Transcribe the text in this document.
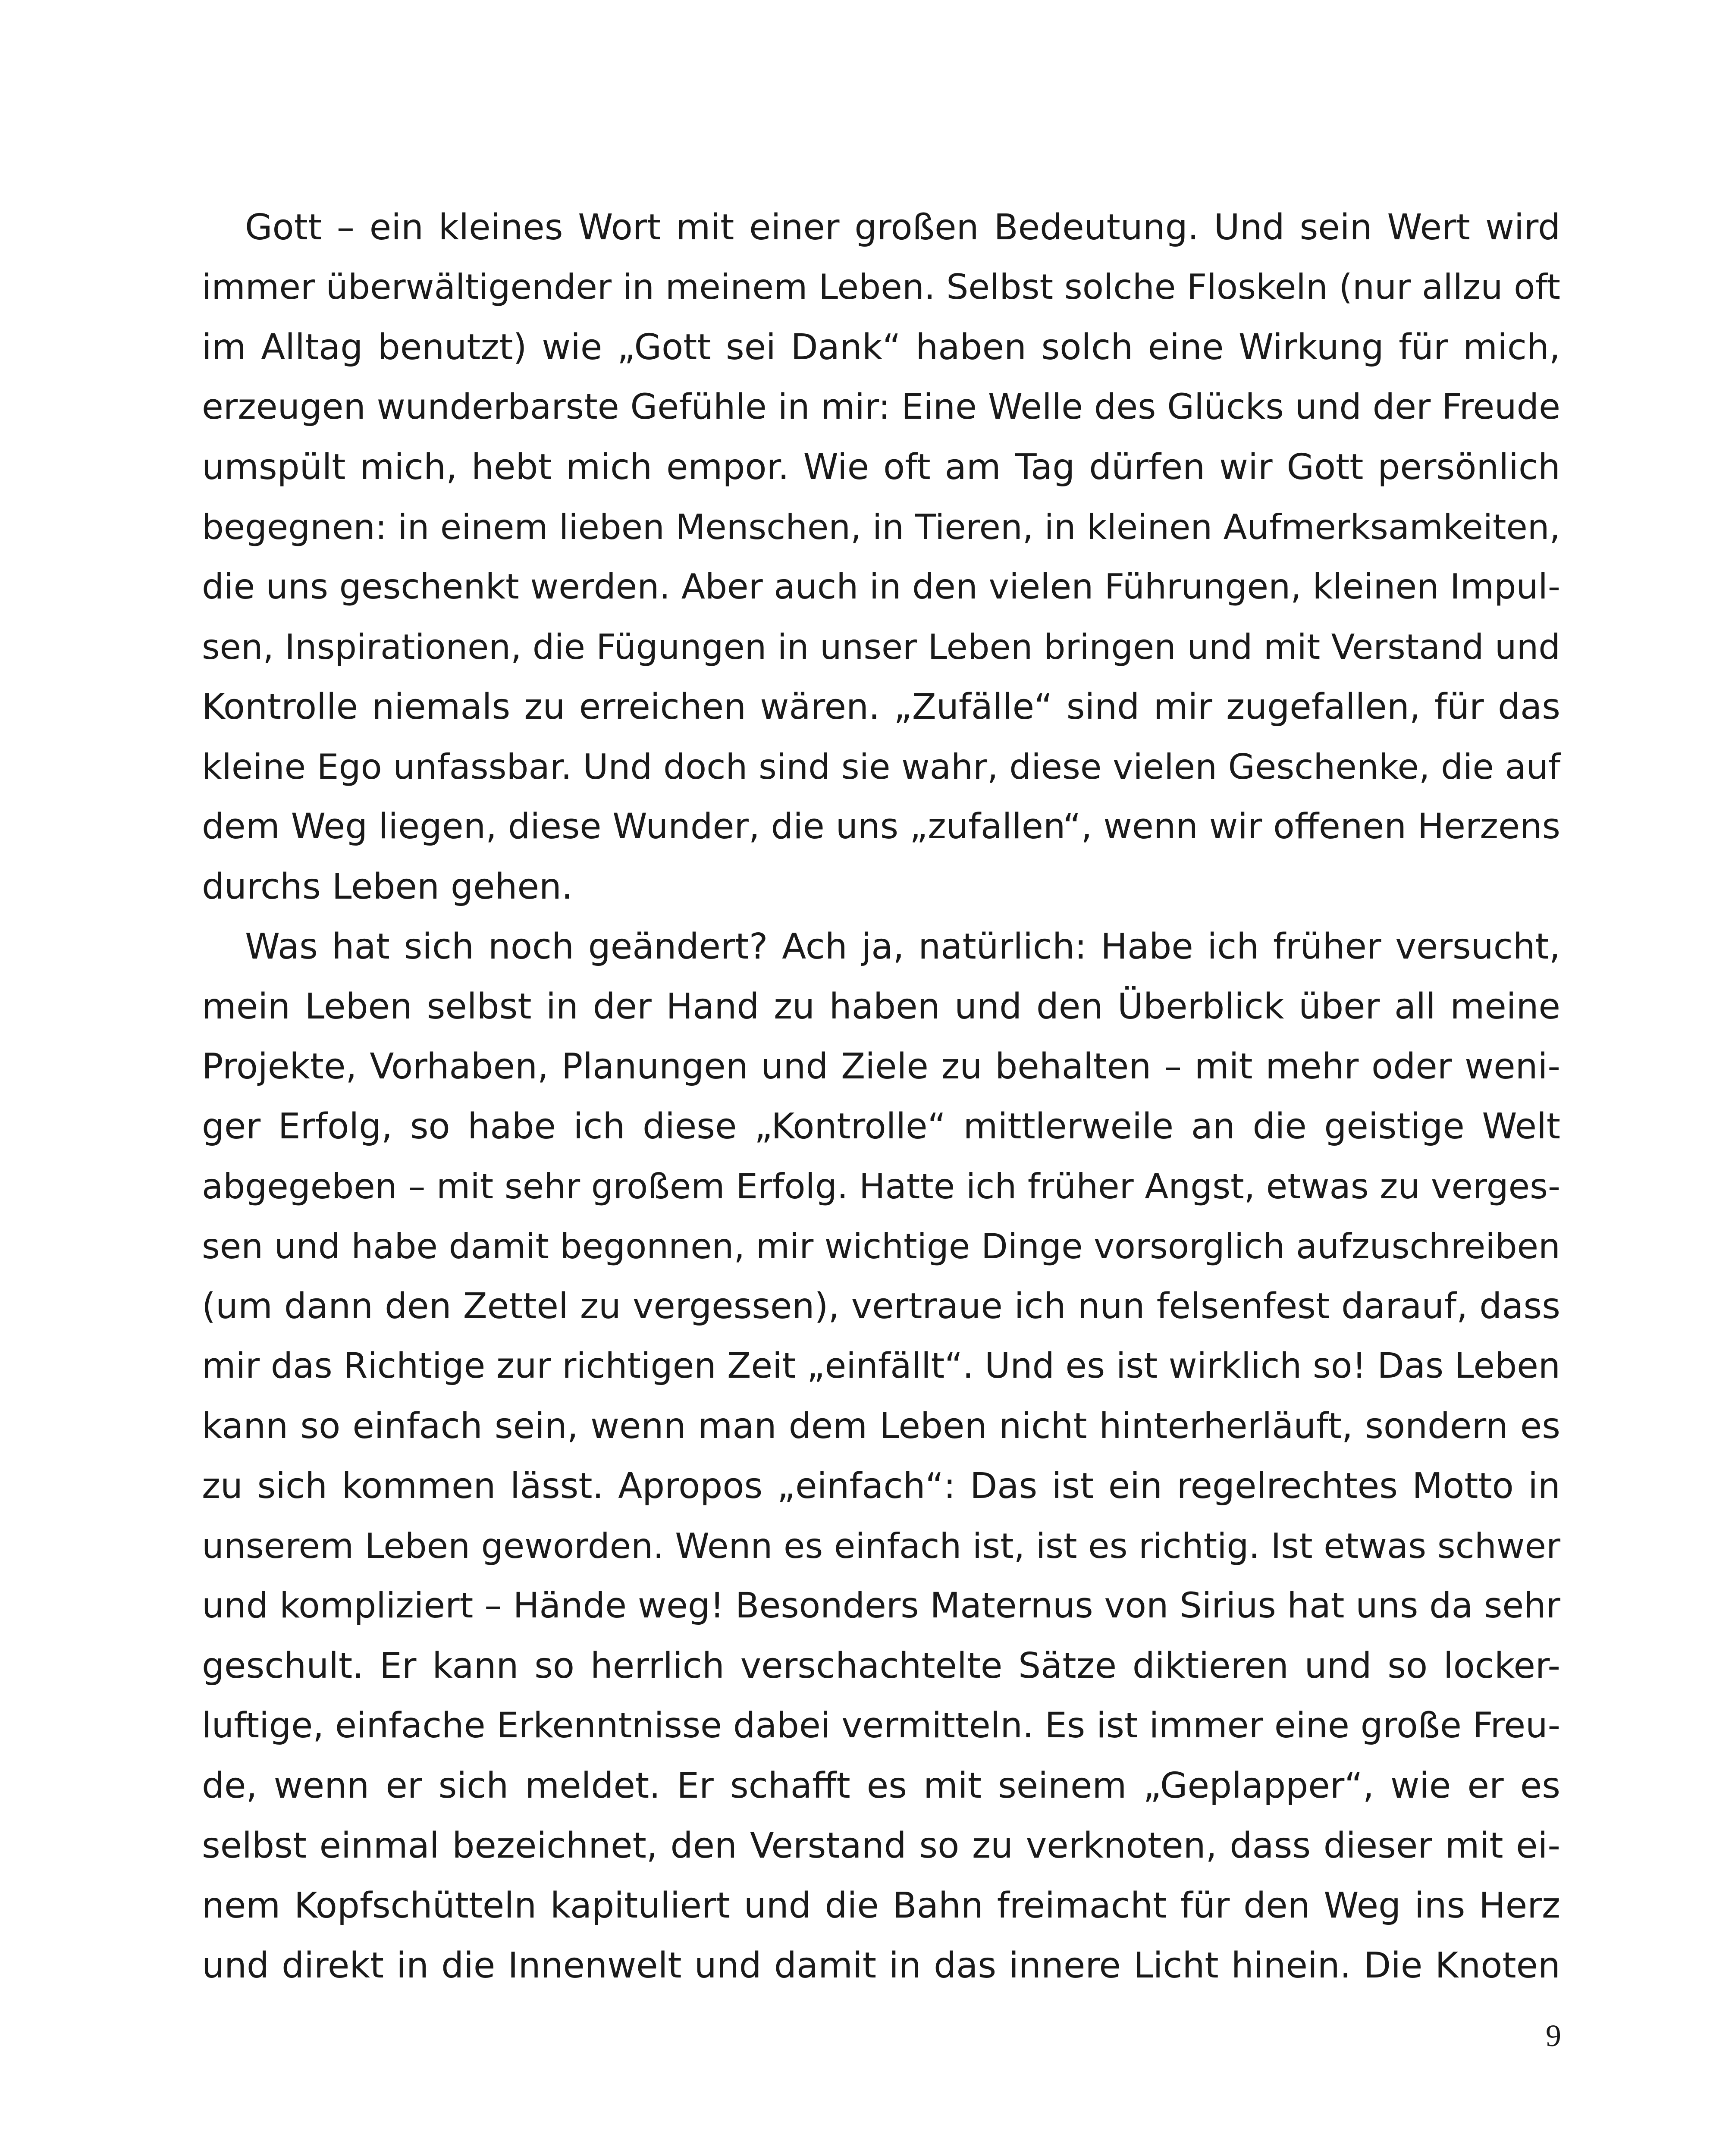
Gott – ein kleines Wort mit einer großen Bedeutung. Und sein Wert wird
immer überwältigender in meinem Leben. Selbst solche Floskeln (nur allzu oft
im Alltag benutzt) wie „Gott sei Dank“ haben solch eine Wirkung für mich,
erzeugen wunderbarste Gefühle in mir: Eine Welle des Glücks und der Freude
umspült mich, hebt mich empor. Wie oft am Tag dürfen wir Gott persönlich
begegnen: in einem lieben Menschen, in Tieren, in kleinen Aufmerksamkeiten,
die uns geschenkt werden. Aber auch in den vielen Führungen, kleinen Impul-
sen, Inspirationen, die Fügungen in unser Leben bringen und mit Verstand und
Kontrolle niemals zu erreichen wären. „Zufälle“ sind mir zugefallen, für das
kleine Ego unfassbar. Und doch sind sie wahr, diese vielen Geschenke, die auf
dem Weg liegen, diese Wunder, die uns „zufallen“, wenn wir offenen Herzens
durchs Leben gehen.
Was hat sich noch geändert? Ach ja, natürlich: Habe ich früher versucht,
mein Leben selbst in der Hand zu haben und den Überblick über all meine
Projekte, Vorhaben, Planungen und Ziele zu behalten – mit mehr oder weni-
ger Erfolg, so habe ich diese „Kontrolle“ mittlerweile an die geistige Welt
abgegeben – mit sehr großem Erfolg. Hatte ich früher Angst, etwas zu verges-
sen und habe damit begonnen, mir wichtige Dinge vorsorglich aufzuschreiben
(um dann den Zettel zu vergessen), vertraue ich nun felsenfest darauf, dass
mir das Richtige zur richtigen Zeit „einfällt“. Und es ist wirklich so! Das Leben
kann so einfach sein, wenn man dem Leben nicht hinterherläuft, sondern es
zu sich kommen lässt. Apropos „einfach“: Das ist ein regelrechtes Motto in
unserem Leben geworden. Wenn es einfach ist, ist es richtig. Ist etwas schwer
und kompliziert – Hände weg! Besonders Maternus von Sirius hat uns da sehr
geschult. Er kann so herrlich verschachtelte Sätze diktieren und so locker-
luftige, einfache Erkenntnisse dabei vermitteln. Es ist immer eine große Freu-
de, wenn er sich meldet. Er schafft es mit seinem „Geplapper“, wie er es
selbst einmal bezeichnet, den Verstand so zu verknoten, dass dieser mit ei-
nem Kopfschütteln kapituliert und die Bahn freimacht für den Weg ins Herz
und direkt in die Innenwelt und damit in das innere Licht hinein. Die Knoten
9
